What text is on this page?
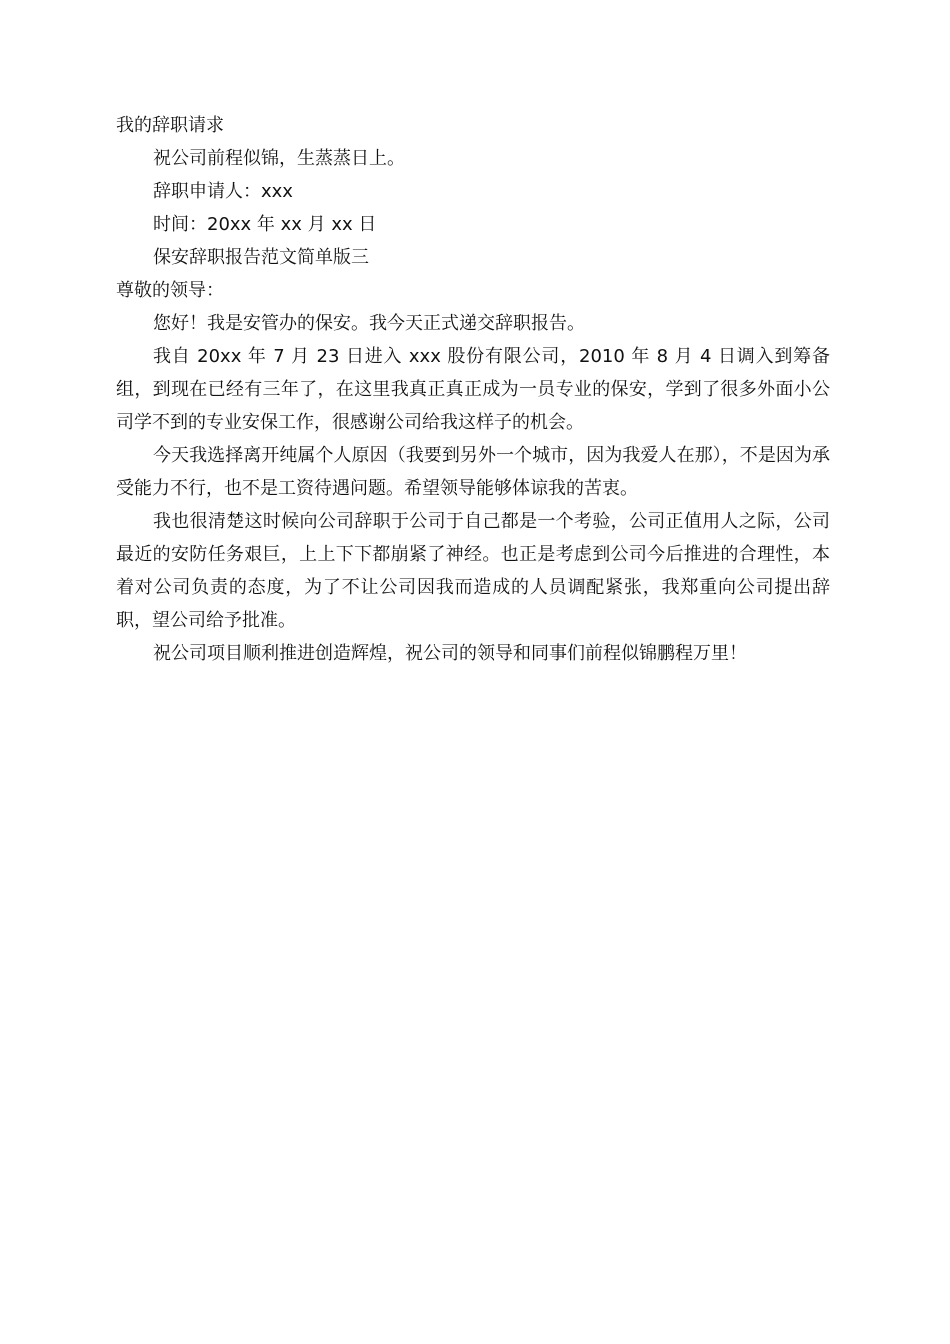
我的辞职请求
祝公司前程似锦，生蒸蒸日上。
辞职申请人：xxx
时间：20xx 年 xx 月 xx 日
保安辞职报告范文简单版三
尊敬的领导：

您好！我是安管办的保安。我今天正式递交辞职报告。

我自 20xx 年 7 月 23 日进入 xxx 股份有限公司，2010 年 8 月 4 日调入到筹备组，到现在已经有三年了，在这里我真正真正成为一员专业的保安，学到了很多外面小公司学不到的专业安保工作，很感谢公司给我这样子的机会。

今天我选择离开纯属个人原因（我要到另外一个城市，因为我爱人在那），不是因为承受能力不行，也不是工资待遇问题。希望领导能够体谅我的苦衷。

我也很清楚这时候向公司辞职于公司于自己都是一个考验，公司正值用人之际，公司最近的安防任务艰巨，上上下下都崩紧了神经。也正是考虑到公司今后推进的合理性，本着对公司负责的态度，为了不让公司因我而造成的人员调配紧张，我郑重向公司提出辞职，望公司给予批准。

祝公司项目顺利推进创造辉煌，祝公司的领导和同事们前程似锦鹏程万里！
